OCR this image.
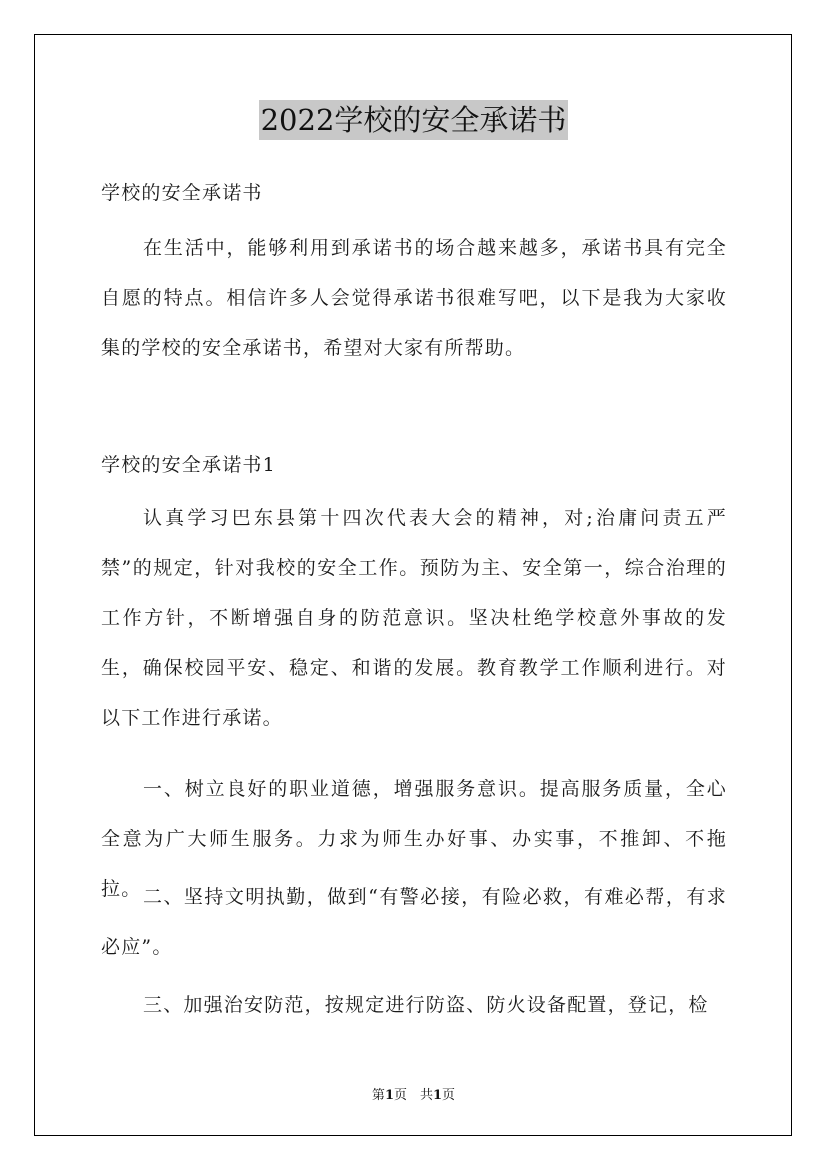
2022学校的安全承诺书

学校的安全承诺书

在生活中，能够利用到承诺书的场合越来越多，承诺书具有完全自愿的特点。相信许多人会觉得承诺书很难写吧，以下是我为大家收集的学校的安全承诺书，希望对大家有所帮助。

学校的安全承诺书1

认真学习巴东县第十四次代表大会的精神，对;治庸问责五严禁”的规定，针对我校的安全工作。预防为主、安全第一，综合治理的工作方针，不断增强自身的防范意识。坚决杜绝学校意外事故的发生，确保校园平安、稳定、和谐的发展。教育教学工作顺利进行。对以下工作进行承诺。

一、树立良好的职业道德，增强服务意识。提高服务质量，全心全意为广大师生服务。力求为师生办好事、办实事，不推卸、不拖拉。 二、坚持文明执勤，做到“有警必接，有险必救，有难必帮，有求必应”。

三、加强治安防范，按规定进行防盗、防火设备配置，登记，检

第1页　共1页
